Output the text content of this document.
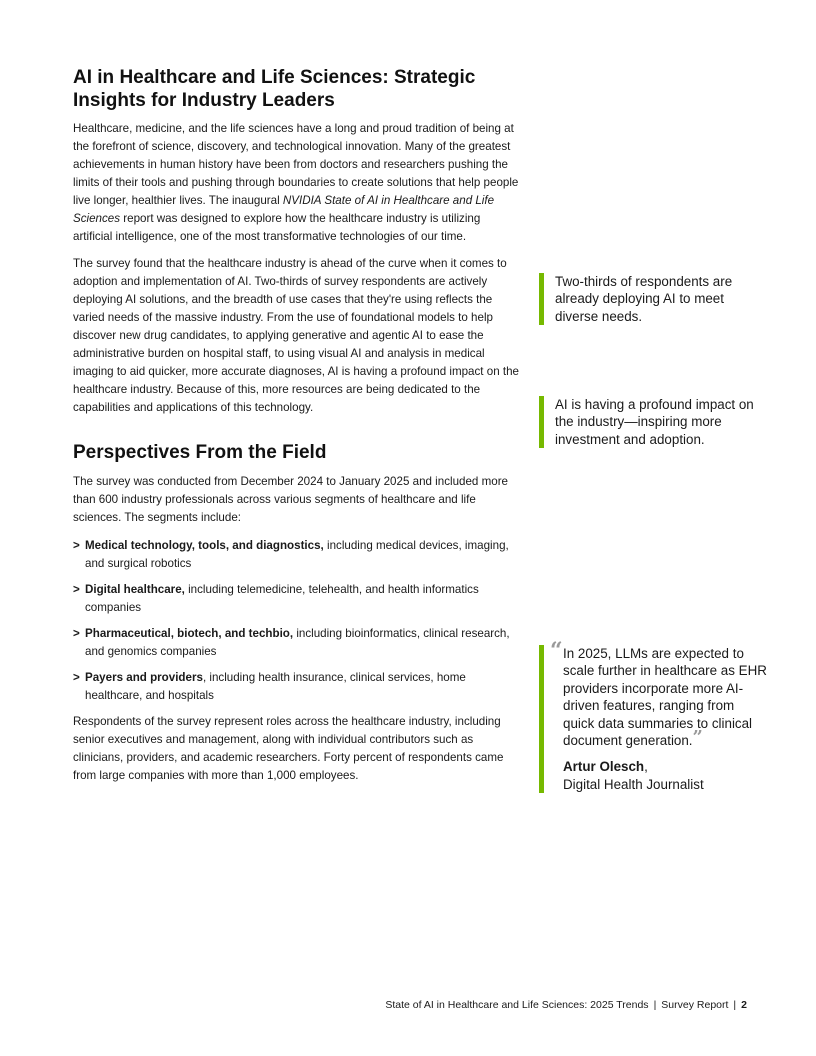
AI in Healthcare and Life Sciences: Strategic Insights for Industry Leaders

Healthcare, medicine, and the life sciences have a long and proud tradition of being at the forefront of science, discovery, and technological innovation. Many of the greatest achievements in human history have been from doctors and researchers pushing the limits of their tools and pushing through boundaries to create solutions that help people live longer, healthier lives. The inaugural NVIDIA State of AI in Healthcare and Life Sciences report was designed to explore how the healthcare industry is utilizing artificial intelligence, one of the most transformative technologies of our time.

The survey found that the healthcare industry is ahead of the curve when it comes to adoption and implementation of AI. Two-thirds of survey respondents are actively deploying AI solutions, and the breadth of use cases that they're using reflects the varied needs of the massive industry. From the use of foundational models to help discover new drug candidates, to applying generative and agentic AI to ease the administrative burden on hospital staff, to using visual AI and analysis in medical imaging to aid quicker, more accurate diagnoses, AI is having a profound impact on the healthcare industry. Because of this, more resources are being dedicated to the capabilities and applications of this technology.

Perspectives From the Field

The survey was conducted from December 2024 to January 2025 and included more than 600 industry professionals across various segments of healthcare and life sciences. The segments include:

> Medical technology, tools, and diagnostics, including medical devices, imaging, and surgical robotics
> Digital healthcare, including telemedicine, telehealth, and health informatics companies
> Pharmaceutical, biotech, and techbio, including bioinformatics, clinical research, and genomics companies
> Payers and providers, including health insurance, clinical services, home healthcare, and hospitals

Respondents of the survey represent roles across the healthcare industry, including senior executives and management, along with individual contributors such as clinicians, providers, and academic researchers. Forty percent of respondents came from large companies with more than 1,000 employees.

Two-thirds of respondents are already deploying AI to meet diverse needs.
AI is having a profound impact on the industry—inspiring more investment and adoption.
“ In 2025, LLMs are expected to scale further in healthcare as EHR providers incorporate more AI-driven features, ranging from quick data summaries to clinical document generation.”
Artur Olesch,
Digital Health Journalist
State of AI in Healthcare and Life Sciences: 2025 Trends | Survey Report | 2
